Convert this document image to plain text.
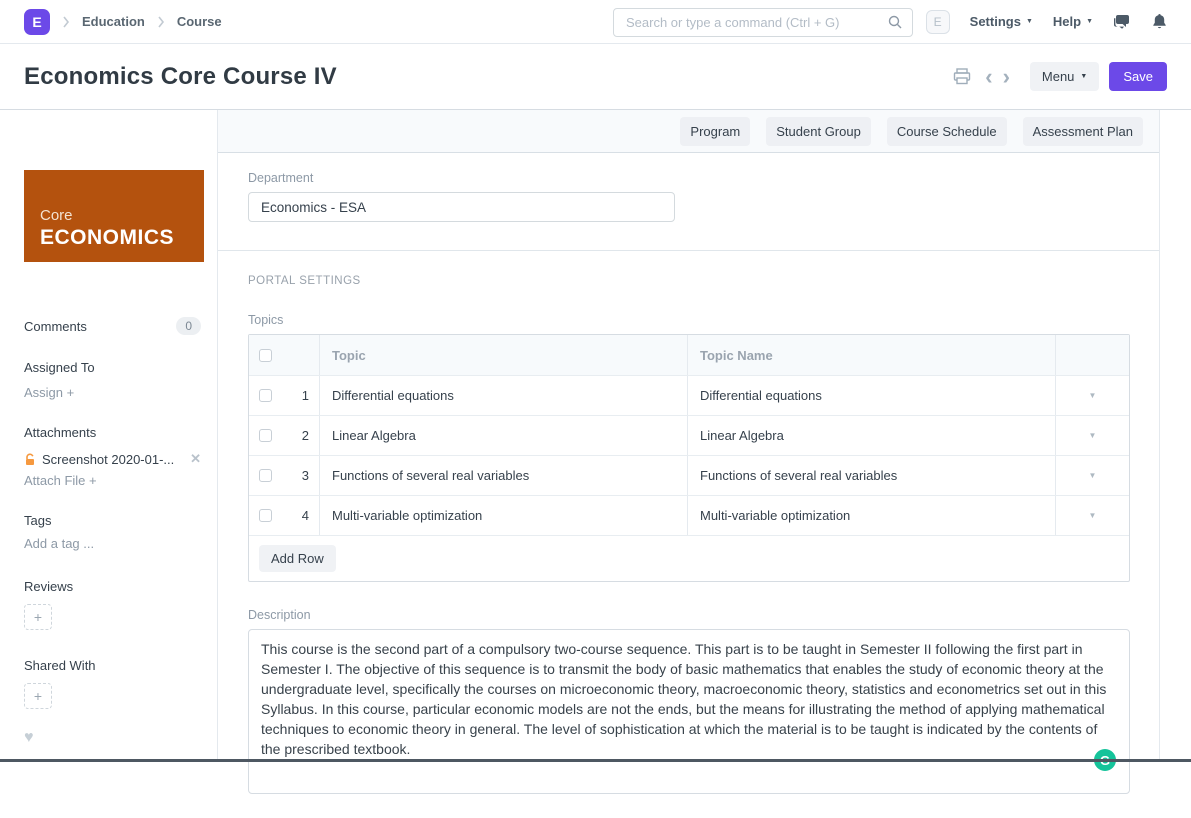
E	Education Course
Search or type a command (Ctrl + G)	E	Settings ▼ Help ▼
Economics Core Course IV	‹ › Menu ▼	Save
Core
ECONOMICS
Comments	0
Assigned To
Assign +
Attachments
Screenshot 2020-01-... ✕
Attach File +
Tags
Add a tag ...
Reviews
+
Shared With
+
♥
Program	Student Group	Course Schedule	Assessment Plan
Department
Economics - ESA
PORTAL SETTINGS
Topics
Topic	Topic Name
1 Differential equations	Differential equations	▼
2 Linear Algebra	Linear Algebra	▼
3 Functions of several real variables	Functions of several real variables	▼
4 Multi-variable optimization	Multi-variable optimization	▼
Add Row
Description
This course is the second part of a compulsory two-course sequence. This part is to be taught in Semester II following the first part in Semester I. The objective of this sequence is to transmit the body of basic mathematics that enables the study of economic theory at the undergraduate level, specifically the courses on microeconomic theory, macroeconomic theory, statistics and econometrics set out in this Syllabus. In this course, particular economic models are not the ends, but the means for illustrating the method of applying mathematical techniques to economic theory in general. The level of sophistication at which the material is to be taught is indicated by the contents of the prescribed textbook.
